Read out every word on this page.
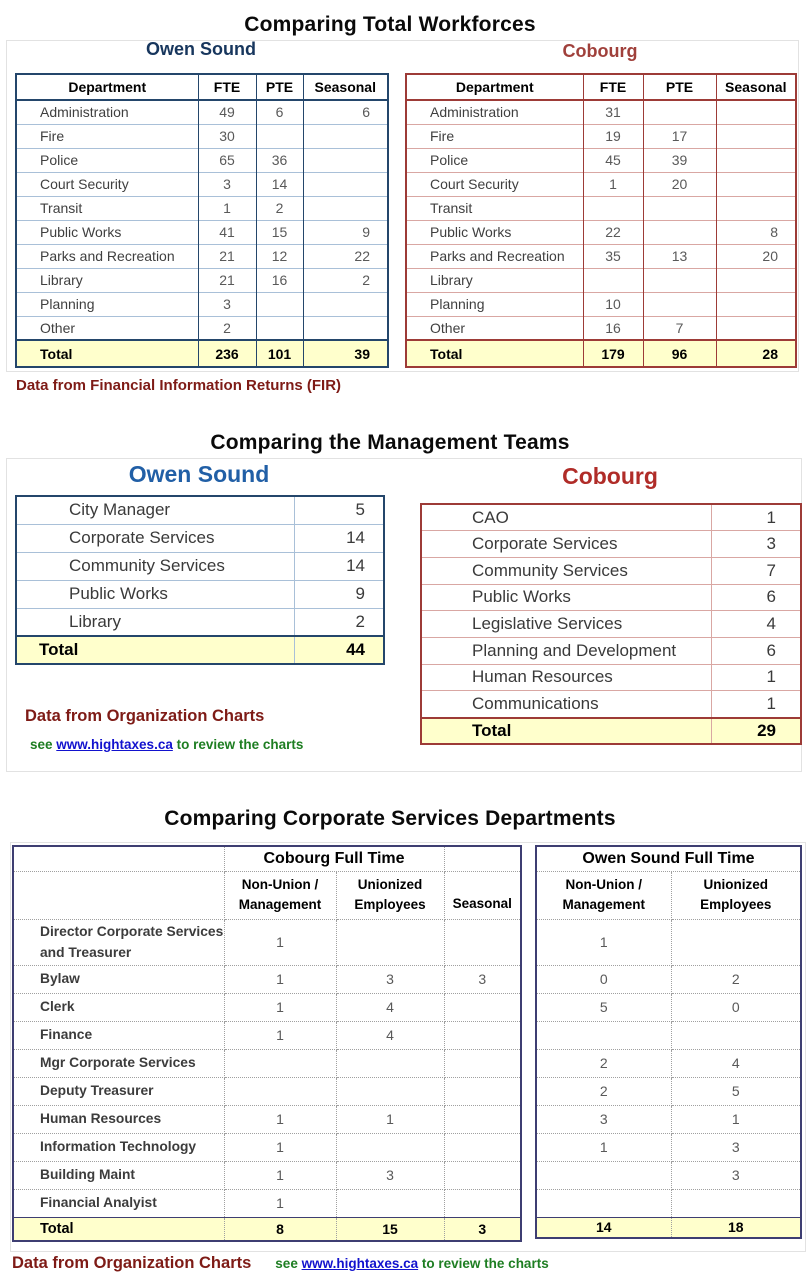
Comparing Total Workforces
Owen Sound	Cobourg
Department	FTE	PTE	Seasonal
Administration	49	6	6
Fire	30		
Police	65	36	
Court Security	3	14	
Transit	1	2	
Public Works	41	15	9
Parks and Recreation	21	12	22
Library	21	16	2
Planning	3		
Other	2		
Total	236	101	39
Department	FTE	PTE	Seasonal
Administration	31		
Fire	19	17	
Police	45	39	
Court Security	1	20	
Transit			
Public Works	22		8
Parks and Recreation	35	13	20
Library			
Planning	10		
Other	16	7	
Total	179	96	28
Data from Financial Information Returns (FIR)
Comparing the Management Teams
Owen Sound	Cobourg
City Manager	5
Corporate Services	14
Community Services	14
Public Works	9
Library	2
Total	44
CAO	1
Corporate Services	3
Community Services	7
Public Works	6
Legislative Services	4
Planning and Development	6
Human Resources	1
Communications	1
Total	29
Data from Organization Charts
see www.hightaxes.ca to review the charts
Comparing Corporate Services Departments
	Cobourg Full Time		
	Non-Union / Management	Unionized Employees	Seasonal
Director Corporate Services and Treasurer	1		
Bylaw	1	3	3
Clerk	1	4	
Finance	1	4	
Mgr Corporate Services			
Deputy Treasurer			
Human Resources	1	1	
Information Technology	1		
Building Maint	1	3	
Financial Analyist	1		
Total	8	15	3
Owen Sound Full Time	
Non-Union / Management	Unionized Employees
1	
0	2
5	0

2	4
2	5
3	1
1	3
	3

14	18
Data from Organization Charts see www.hightaxes.ca to review the charts
